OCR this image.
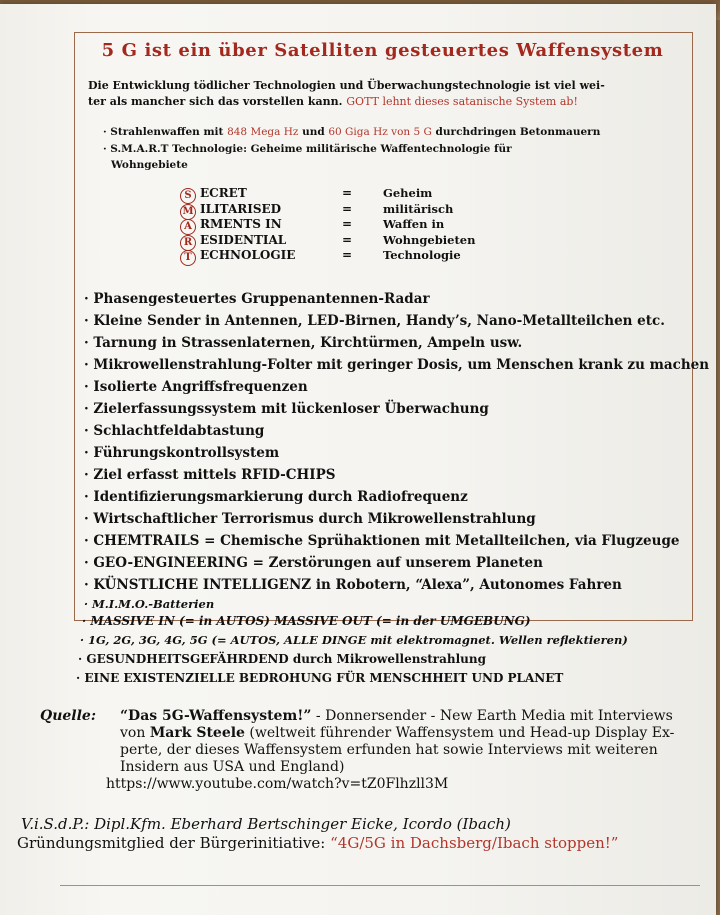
5 G ist ein über Satelliten gesteuertes Waffensystem
Die Entwicklung tödlicher Technologien und Überwachungstechnologie ist viel wei-
ter als mancher sich das vorstellen kann. GOTT lehnt dieses satanische System ab!
· Strahlenwaffen mit 848 Mega Hz und 60 Giga Hz von 5 G durchdringen Betonmauern
· S.M.A.R.T Technologie: Geheime militärische Waffentechnologie für
Wohngebiete
S ECRET	=	Geheim
M ILITARISED	=	militärisch
A RMENTS IN	=	Waffen in
R ESIDENTIAL	=	Wohngebieten
T ECHNOLOGIE	=	Technologie
· Phasengesteuertes Gruppenantennen-Radar
· Kleine Sender in Antennen, LED-Birnen, Handy’s, Nano-Metallteilchen etc.
· Tarnung in Strassenlaternen, Kirchtürmen, Ampeln usw.
· Mikrowellenstrahlung-Folter mit geringer Dosis, um Menschen krank zu machen
· Isolierte Angriffsfrequenzen
· Zielerfassungssystem mit lückenloser Überwachung
· Schlachtfeldabtastung
· Führungskontrollsystem
· Ziel erfasst mittels RFID-CHIPS
· Identifizierungsmarkierung durch Radiofrequenz
· Wirtschaftlicher Terrorismus durch Mikrowellenstrahlung
· CHEMTRAILS = Chemische Sprühaktionen mit Metallteilchen, via Flugzeuge
· GEO-ENGINEERING = Zerstörungen auf unserem Planeten
· KÜNSTLICHE INTELLIGENZ in Robotern, “Alexa”, Autonomes Fahren
· M.I.M.O.-Batterien
· MASSIVE IN (= in AUTOS) MASSIVE OUT (= in der UMGEBUNG)
· 1G, 2G, 3G, 4G, 5G (= AUTOS, ALLE DINGE mit elektromagnet. Wellen reflektieren)
· GESUNDHEITSGEFÄHRDEND durch Mikrowellenstrahlung
· EINE EXISTENZIELLE BEDROHUNG FÜR MENSCHHEIT UND PLANET
Quelle:	“Das 5G-Waffensystem!” - Donnersender - New Earth Media mit Interviews
von Mark Steele (weltweit führender Waffensystem und Head-up Display Ex-
perte, der dieses Waffensystem erfunden hat sowie Interviews mit weiteren
Insidern aus USA und England)
https://www.youtube.com/watch?v=tZ0Flhzll3M
V.i.S.d.P.: Dipl.Kfm. Eberhard Bertschinger Eicke, Icordo (Ibach)
Gründungsmitglied der Bürgerinitiative: “4G/5G in Dachsberg/Ibach stoppen!”
